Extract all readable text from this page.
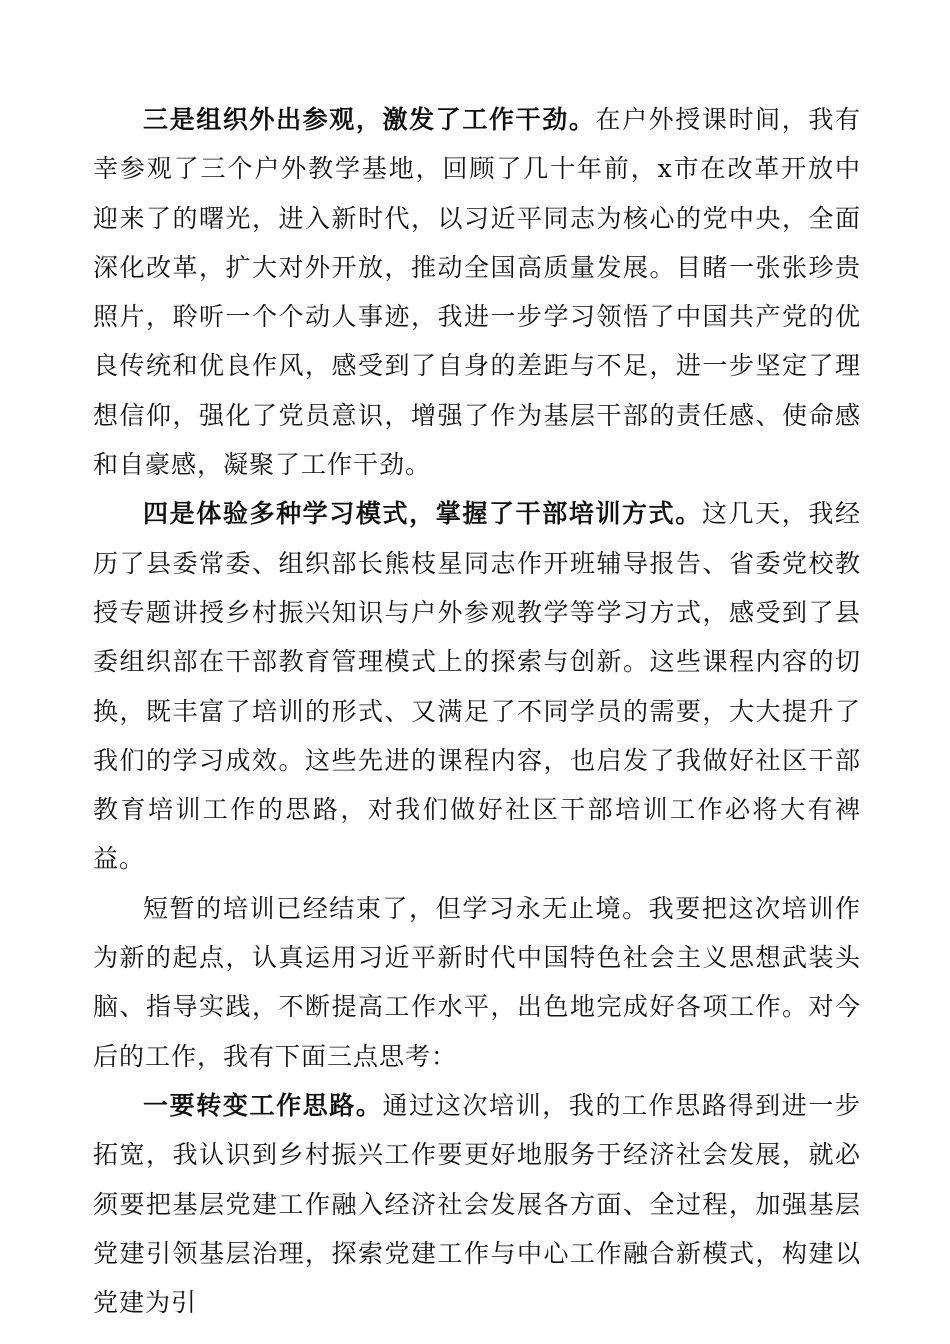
三是组织外出参观，激发了工作干劲。在户外授课时间，我有幸参观了三个户外教学基地，回顾了几十年前，x市在改革开放中迎来了的曙光，进入新时代，以习近平同志为核心的党中央，全面深化改革，扩大对外开放，推动全国高质量发展。目睹一张张珍贵照片，聆听一个个动人事迹，我进一步学习领悟了中国共产党的优良传统和优良作风，感受到了自身的差距与不足，进一步坚定了理想信仰，强化了党员意识，增强了作为基层干部的责任感、使命感和自豪感，凝聚了工作干劲。

四是体验多种学习模式，掌握了干部培训方式。这几天，我经历了县委常委、组织部长熊枝星同志作开班辅导报告、省委党校教授专题讲授乡村振兴知识与户外参观教学等学习方式，感受到了县委组织部在干部教育管理模式上的探索与创新。这些课程内容的切换，既丰富了培训的形式、又满足了不同学员的需要，大大提升了我们的学习成效。这些先进的课程内容，也启发了我做好社区干部教育培训工作的思路，对我们做好社区干部培训工作必将大有裨益。

短暂的培训已经结束了，但学习永无止境。我要把这次培训作为新的起点，认真运用习近平新时代中国特色社会主义思想武装头脑、指导实践，不断提高工作水平，出色地完成好各项工作。对今后的工作，我有下面三点思考：

一要转变工作思路。通过这次培训，我的工作思路得到进一步拓宽，我认识到乡村振兴工作要更好地服务于经济社会发展，就必须要把基层党建工作融入经济社会发展各方面、全过程，加强基层党建引领基层治理，探索党建工作与中心工作融合新模式，构建以党建为引
